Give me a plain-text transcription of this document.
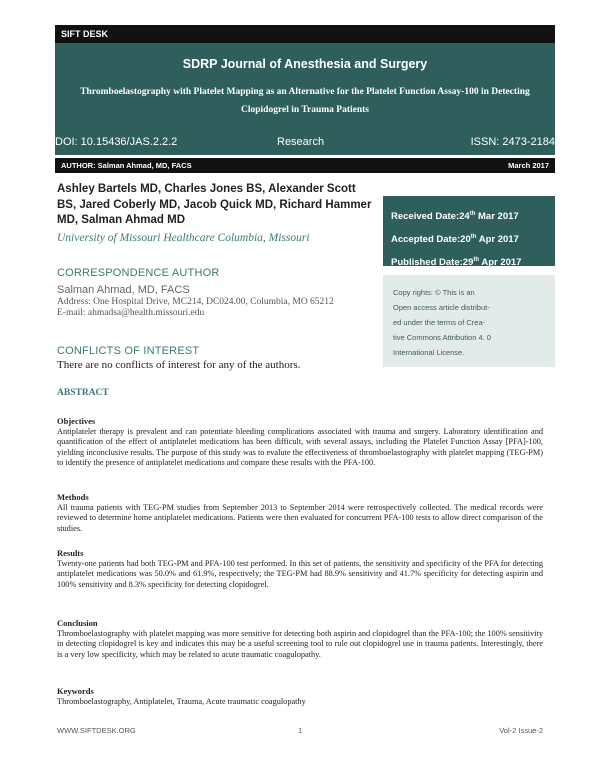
SIFT DESK
SDRP Journal of Anesthesia and Surgery
Thromboelastography with Platelet Mapping as an Alternative for the Platelet Function Assay-100 in Detecting Clopidogrel in Trauma Patients
DOI: 10.15436/JAS.2.2.2	Research	ISSN: 2473-2184
AUTHOR: Salman Ahmad, MD, FACS	March 2017
Ashley Bartels MD, Charles Jones BS, Alexander Scott BS, Jared Coberly MD, Jacob Quick MD, Richard Hammer MD, Salman Ahmad MD
University of Missouri Healthcare Columbia, Missouri
Received Date:24th Mar 2017
Accepted Date:20th Apr 2017
Published Date:29th Apr 2017
Copy rights: © This is an
Open access article distribut-
ed under the terms of Crea-
tive Commons Attribution 4. 0
International License.
CORRESPONDENCE AUTHOR
Salman Ahmad, MD, FACS
Address: One Hospital Drive, MC214, DC024.00, Columbia, MO 65212
E-mail: ahmadsa@health.missouri.edu
CONFLICTS OF INTEREST
There are no conflicts of interest for any of the authors.
ABSTRACT
Objectives

Antiplatelet therapy is prevalent and can potentiate bleeding complications associated with trauma and surgery. Laboratory identification and quantification of the effect of antiplatelet medications has been difficult, with several assays, including the Platelet Function Assay [PFA]-100, yielding inconclusive results. The purpose of this study was to evalute the effectiveness of thromboelastography with platelet mapping (TEG-PM) to identify the presence of antiplatelet medications and compare these results with the PFA-100.

Methods

All trauma patients with TEG-PM studies from September 2013 to September 2014 were retrospectively collected. The medical records were reviewed to determine home antiplatelet medications. Patients were then evaluated for concurrent PFA-100 tests to allow direct comparison of the studies.

Results

Twenty-one patients had both TEG-PM and PFA-100 test performed. In this set of patients, the sensitivity and specificity of the PFA for detecting antiplatelet medications was 50.0% and 61.9%, respectively; the TEG-PM had 88.9% sensitivity and 41.7% specificity for detecting aspirin and 100% sensitivity and 8.3% specificity for detecting clopidogrel.

Conclusion

Thromboelastography with platelet mapping was more sensitive for detecting both aspirin and clopidogrel than the PFA-100; the 100% sensitivity in detecting clopidogrel is key and indicates this may be a useful screening tool to rule out clopidogrel use in trauma patients. Interestingly, there is a very low specificity, which may be related to acute traumatic coagulopathy.

Keywords

Thromboelastography, Antiplatelet, Trauma, Acute traumatic coagulopathy

WWW.SIFTDESK.ORG	1	Vol-2 Issue-2
